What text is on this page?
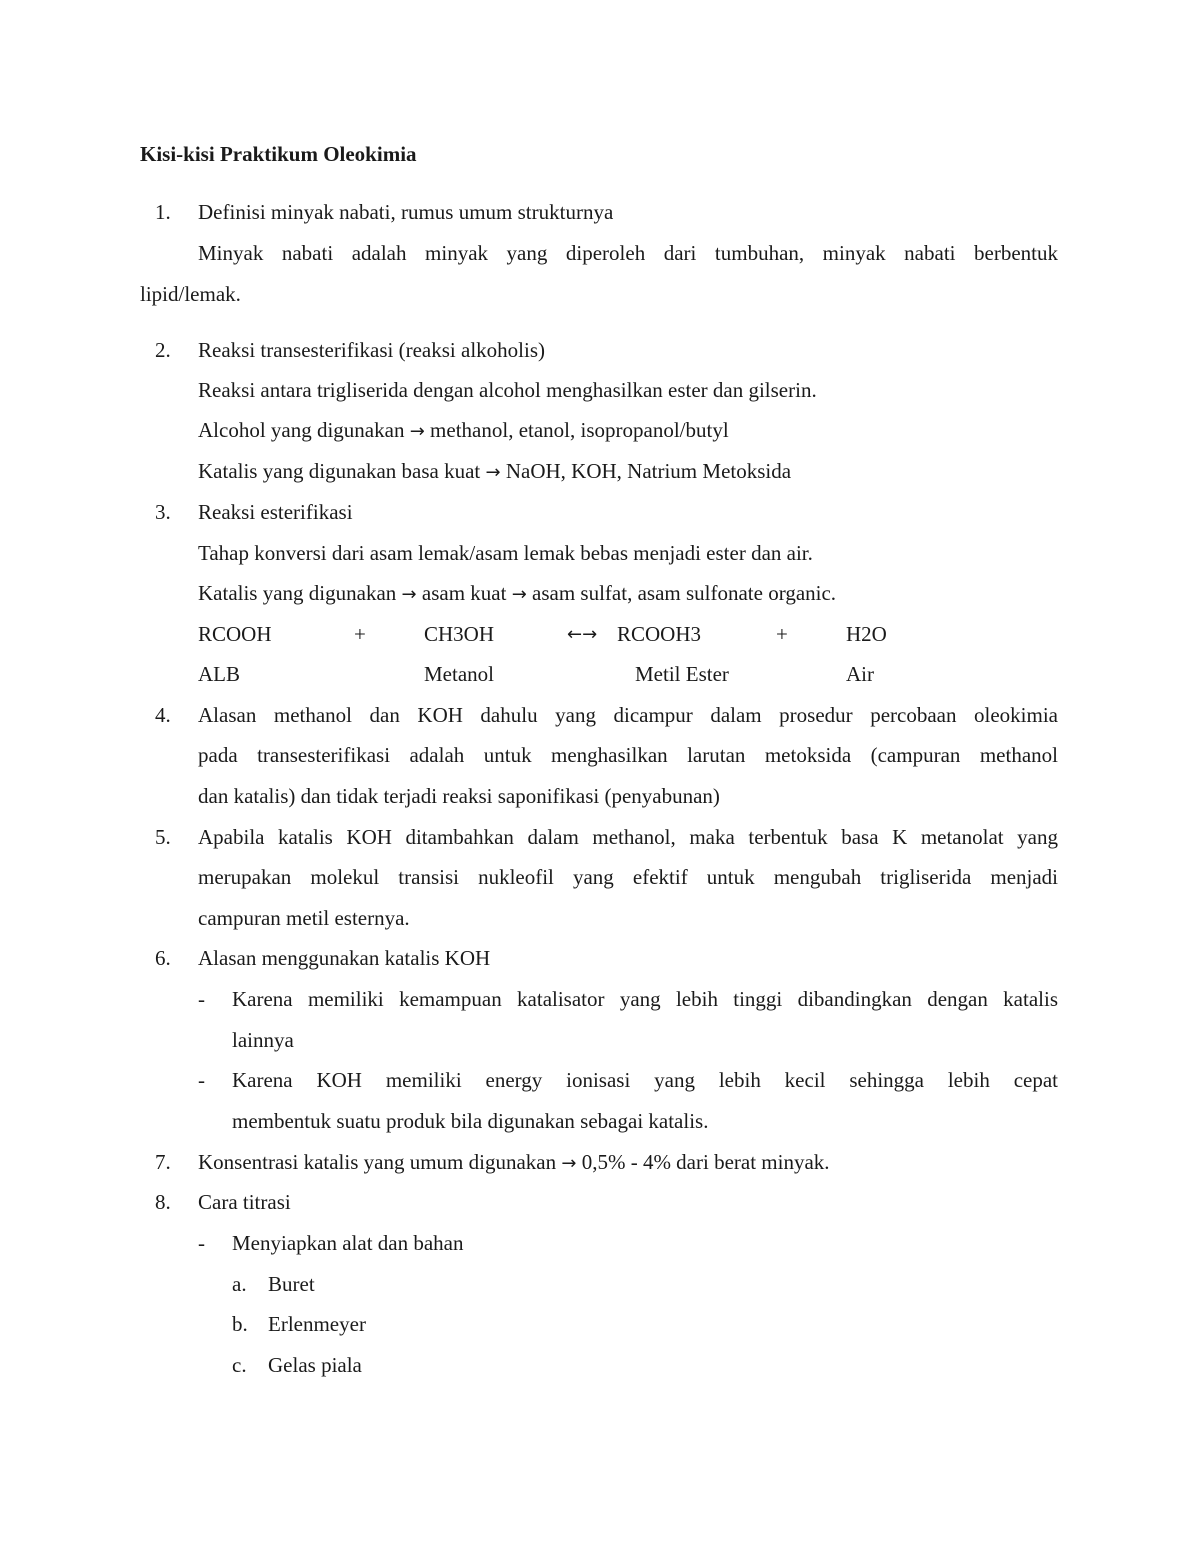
Kisi-kisi Praktikum Oleokimia
1. Definisi minyak nabati, rumus umum strukturnya
Minyak nabati adalah minyak yang diperoleh dari tumbuhan, minyak nabati berbentuk
lipid/lemak.
2. Reaksi transesterifikasi (reaksi alkoholis)
Reaksi antara trigliserida dengan alcohol menghasilkan ester dan gilserin.
Alcohol yang digunakan → methanol, etanol, isopropanol/butyl
Katalis yang digunakan basa kuat → NaOH, KOH, Natrium Metoksida
3. Reaksi esterifikasi
Tahap konversi dari asam lemak/asam lemak bebas menjadi ester dan air.
Katalis yang digunakan → asam kuat → asam sulfat, asam sulfonate organic.
RCOOH	+	CH3OH	←→ RCOOH3	+	H2O
ALB	Metanol	Metil Ester	Air
4. Alasan methanol dan KOH dahulu yang dicampur dalam prosedur percobaan oleokimia
pada transesterifikasi adalah untuk menghasilkan larutan metoksida (campuran methanol
dan katalis) dan tidak terjadi reaksi saponifikasi (penyabunan)
5. Apabila katalis KOH ditambahkan dalam methanol, maka terbentuk basa K metanolat yang
merupakan molekul transisi nukleofil yang efektif untuk mengubah trigliserida menjadi
campuran metil esternya.
6. Alasan menggunakan katalis KOH
- Karena memiliki kemampuan katalisator yang lebih tinggi dibandingkan dengan katalis
lainnya
- Karena KOH memiliki energy ionisasi yang lebih kecil sehingga lebih cepat
membentuk suatu produk bila digunakan sebagai katalis.
7. Konsentrasi katalis yang umum digunakan → 0,5% - 4% dari berat minyak.
8. Cara titrasi
- Menyiapkan alat dan bahan
a. Buret
b. Erlenmeyer
c. Gelas piala
